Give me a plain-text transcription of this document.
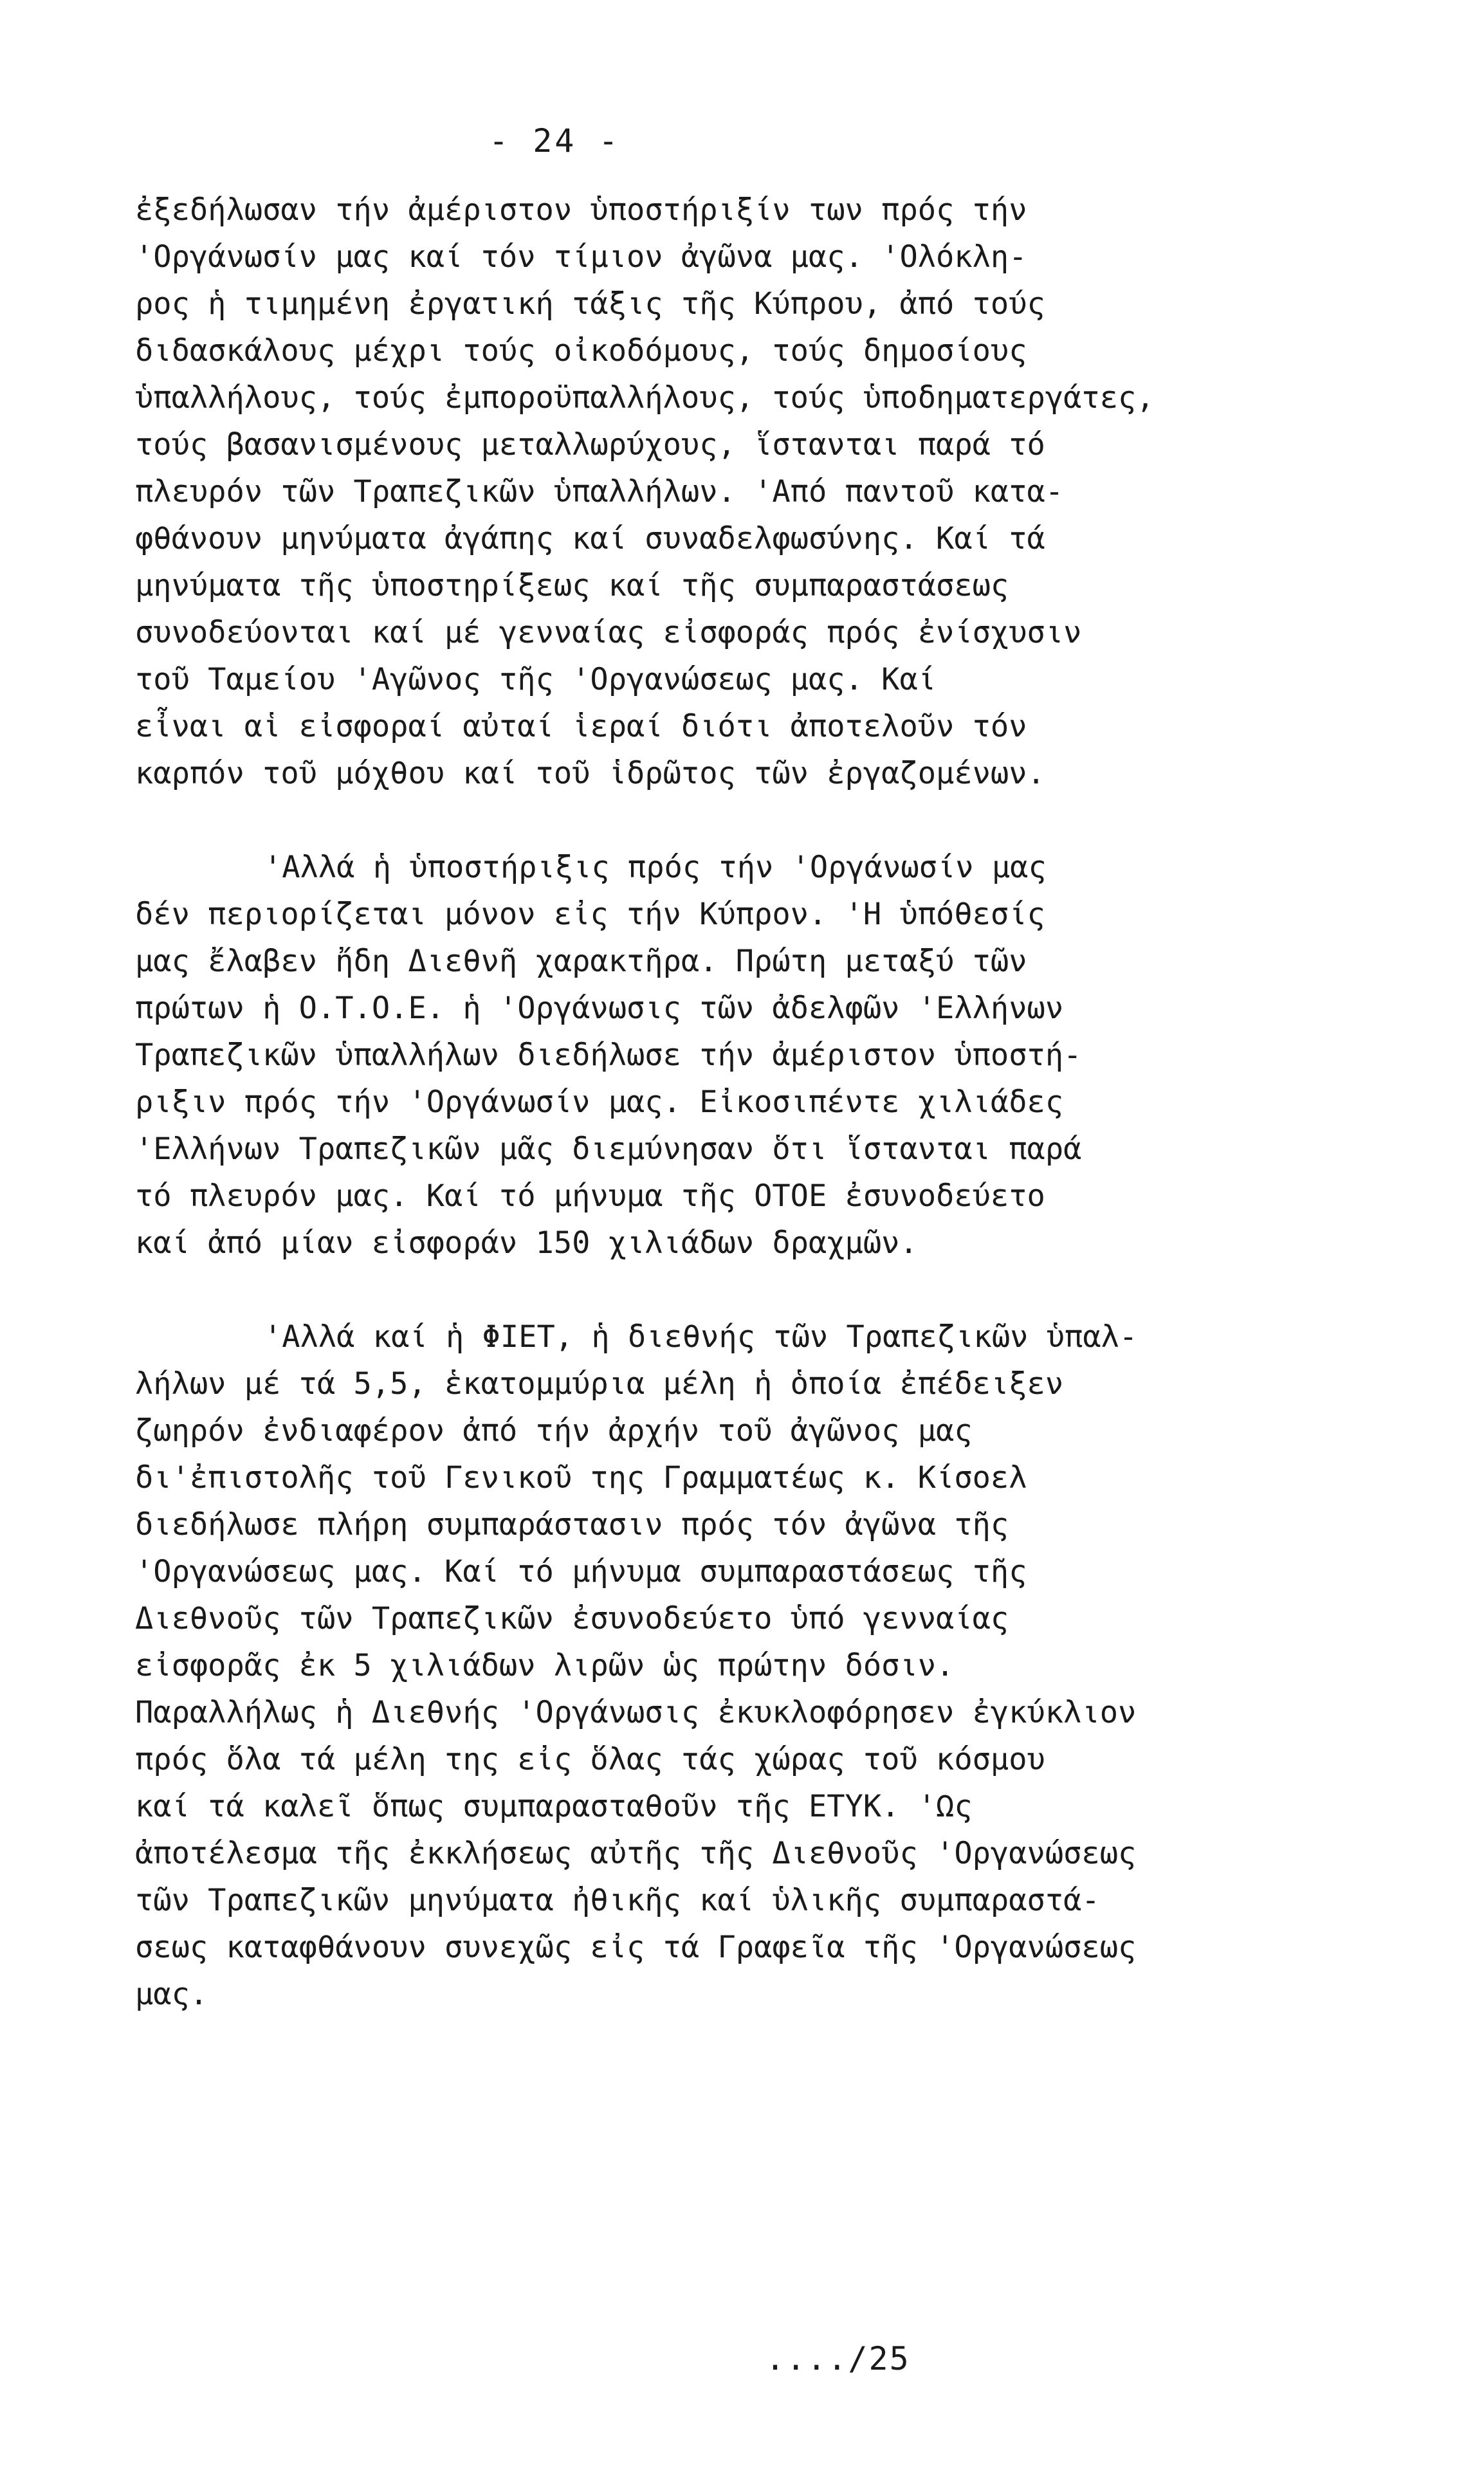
- 24 -
ἐξεδήλωσαν τήν ἀμέριστον ὑποστήριξίν των πρός τήν
'Οργάνωσίν μας καί τόν τίμιον ἀγῶνα μας. 'Ολόκλη-
ρος ἡ τιμημένη ἐργατική τάξις τῆς Κύπρου, ἀπό τούς
διδασκάλους μέχρι τούς οἰκοδόμους, τούς δημοσίους
ὑπαλλήλους, τούς ἐμποροϋπαλλήλους, τούς ὑποδηματεργάτες,
τούς βασανισμένους μεταλλωρύχους, ἵστανται παρά τό
πλευρόν τῶν Τραπεζικῶν ὑπαλλήλων. 'Από παντοῦ κατα-
φθάνουν μηνύματα ἀγάπης καί συναδελφωσύνης. Καί τά
μηνύματα τῆς ὑποστηρίξεως καί τῆς συμπαραστάσεως
συνοδεύονται καί μέ γενναίας εἰσφοράς πρός ἐνίσχυσιν
τοῦ Ταμείου 'Αγῶνος τῆς 'Οργανώσεως μας. Καί
εἶναι αἱ εἰσφοραί αὐταί ἱεραί διότι ἀποτελοῦν τόν
καρπόν τοῦ μόχθου καί τοῦ ἱδρῶτος τῶν ἐργαζομένων.
'Αλλά ἡ ὑποστήριξις πρός τήν 'Οργάνωσίν μας
δέν περιορίζεται μόνον εἰς τήν Κύπρον. 'Η ὑπόθεσίς
μας ἔλαβεν ἤδη Διεθνῆ χαρακτῆρα. Πρώτη μεταξύ τῶν
πρώτων ἡ Ο.Τ.Ο.Ε. ἡ 'Οργάνωσις τῶν ἀδελφῶν 'Ελλήνων
Τραπεζικῶν ὑπαλλήλων διεδήλωσε τήν ἀμέριστον ὑποστή-
ριξιν πρός τήν 'Οργάνωσίν μας. Εἰκοσιπέντε χιλιάδες
'Ελλήνων Τραπεζικῶν μᾶς διεμύνησαν ὅτι ἵστανται παρά
τό πλευρόν μας. Καί τό μήνυμα τῆς ΟΤΟΕ ἐσυνοδεύετο
καί ἀπό μίαν εἰσφοράν 150 χιλιάδων δραχμῶν.
'Αλλά καί ἡ ΦΙΕΤ, ἡ διεθνής τῶν Τραπεζικῶν ὑπαλ-
λήλων μέ τά 5,5, ἑκατομμύρια μέλη ἡ ὁποία ἐπέδειξεν
ζωηρόν ἐνδιαφέρον ἀπό τήν ἀρχήν τοῦ ἀγῶνος μας
δι'ἐπιστολῆς τοῦ Γενικοῦ της Γραμματέως κ. Κίσοελ
διεδήλωσε πλήρη συμπαράστασιν πρός τόν ἀγῶνα τῆς
'Οργανώσεως μας. Καί τό μήνυμα συμπαραστάσεως τῆς
Διεθνοῦς τῶν Τραπεζικῶν ἐσυνοδεύετο ὑπό γενναίας
εἰσφορᾶς ἐκ 5 χιλιάδων λιρῶν ὡς πρώτην δόσιν.
Παραλλήλως ἡ Διεθνής 'Οργάνωσις ἐκυκλοφόρησεν ἐγκύκλιον
πρός ὅλα τά μέλη της εἰς ὅλας τάς χώρας τοῦ κόσμου
καί τά καλεῖ ὅπως συμπαρασταθοῦν τῆς ΕΤΥΚ. 'Ως
ἀποτέλεσμα τῆς ἐκκλήσεως αὐτῆς τῆς Διεθνοῦς 'Οργανώσεως
τῶν Τραπεζικῶν μηνύματα ἠθικῆς καί ὑλικῆς συμπαραστά-
σεως καταφθάνουν συνεχῶς εἰς τά Γραφεῖα τῆς 'Οργανώσεως
μας.
..../25
